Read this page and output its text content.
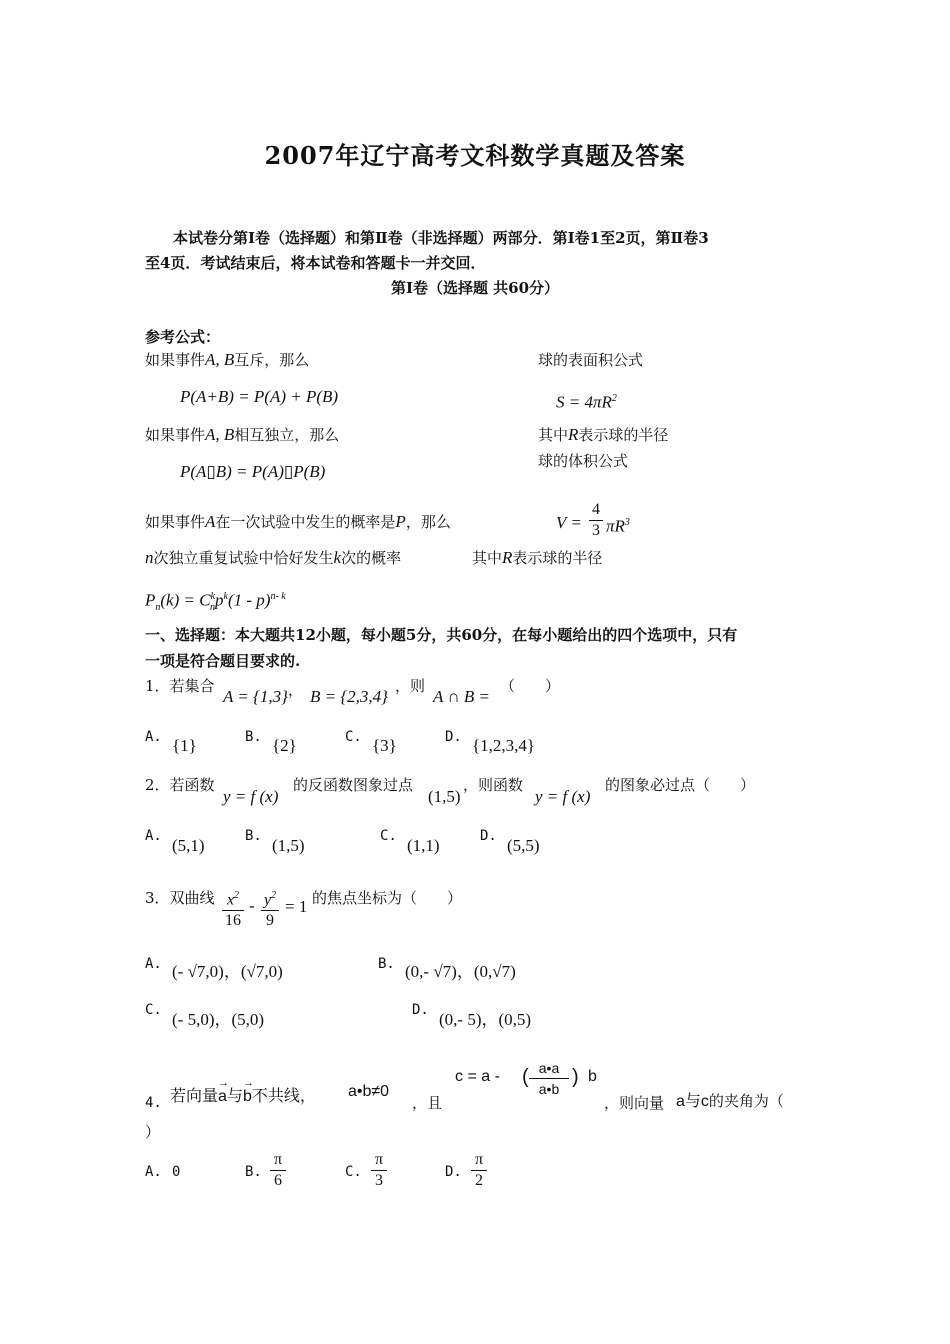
2007年辽宁高考文科数学真题及答案
本试卷分第Ⅰ卷（选择题）和第Ⅱ卷（非选择题）两部分．第Ⅰ卷1至2页，第Ⅱ卷3
至4页．考试结束后，将本试卷和答题卡一并交回．
第Ⅰ卷（选择题 共60分）
参考公式：
如果事件A, B互斥，那么
P(A+B) = P(A) + P(B)
如果事件A, B相互独立，那么
P(A▯B) = P(A)▯P(B)
如果事件A在一次试验中发生的概率是P，那么
n次独立重复试验中恰好发生k次的概率
$P_n(k) = C^k_np^k(1 - p)^{n- k}$
球的表面积公式
$S = 4\pi R^2$
其中R表示球的半径
球的体积公式
V =
4
3 $\pi R^3$
其中R表示球的半径
一、选择题：本大题共12小题，每小题5分，共60分，在每小题给出的四个选项中，只有
一项是符合题目要求的.
1．若集合
A = {1,3} ， B = {2,3,4}
，则
A ∩ B =
（　　）
A. {1}	B. {2}	C. {3}	D. {1,2,3,4}
2．若函数
y = f (x)
的反函数图象过点
(1,5)
，则函数
y = f (x)
的图象必过点（　　）
A. (5,1)	B. (1,5)	C. (1,1)	D. (5,5)
3．双曲线 $x^2$
16
- $y^2$
9
= 1 的焦点坐标为（　　）
A. (- √7,0)，(√7,0)	B. (0,- √7)，(0,√7)
C. (- 5,0)，(5,0)	D. (0,- 5)，(0,5)
4. 若向量
→
a与
→
b不共线， a•b≠0
，且
c = a -	a•a
a•b
( ) b
，则向量 a与c的夹角为（
）
A. 0	B.
π
6	C.
π
3	D.
π
2
